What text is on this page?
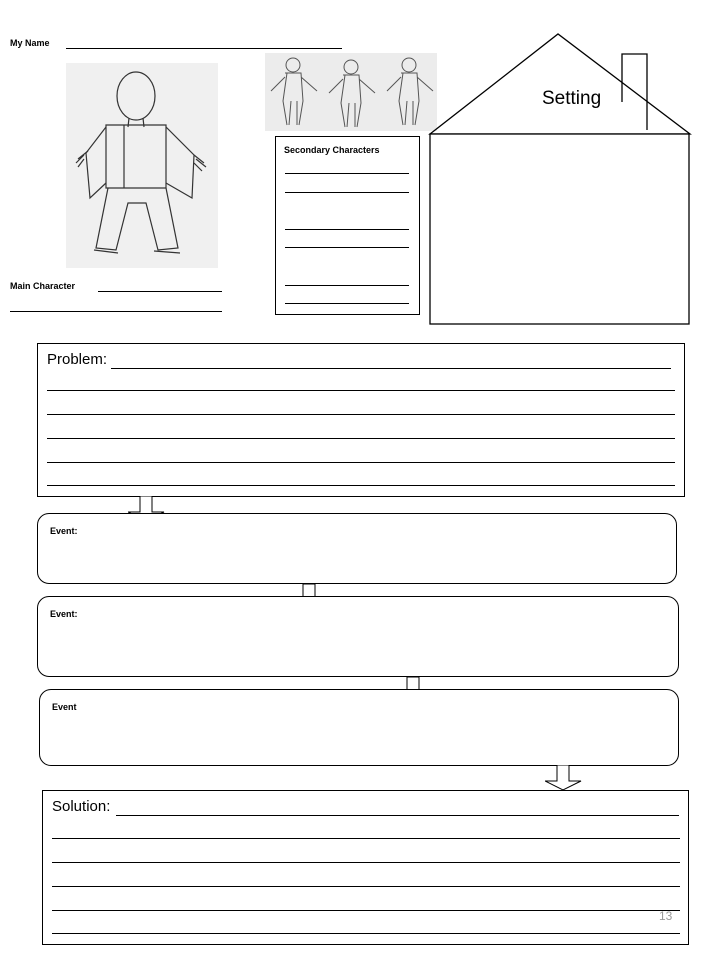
My Name
Main Character
Secondary Characters
Setting
Problem:
Event:
Event:
Event
Solution:
13
